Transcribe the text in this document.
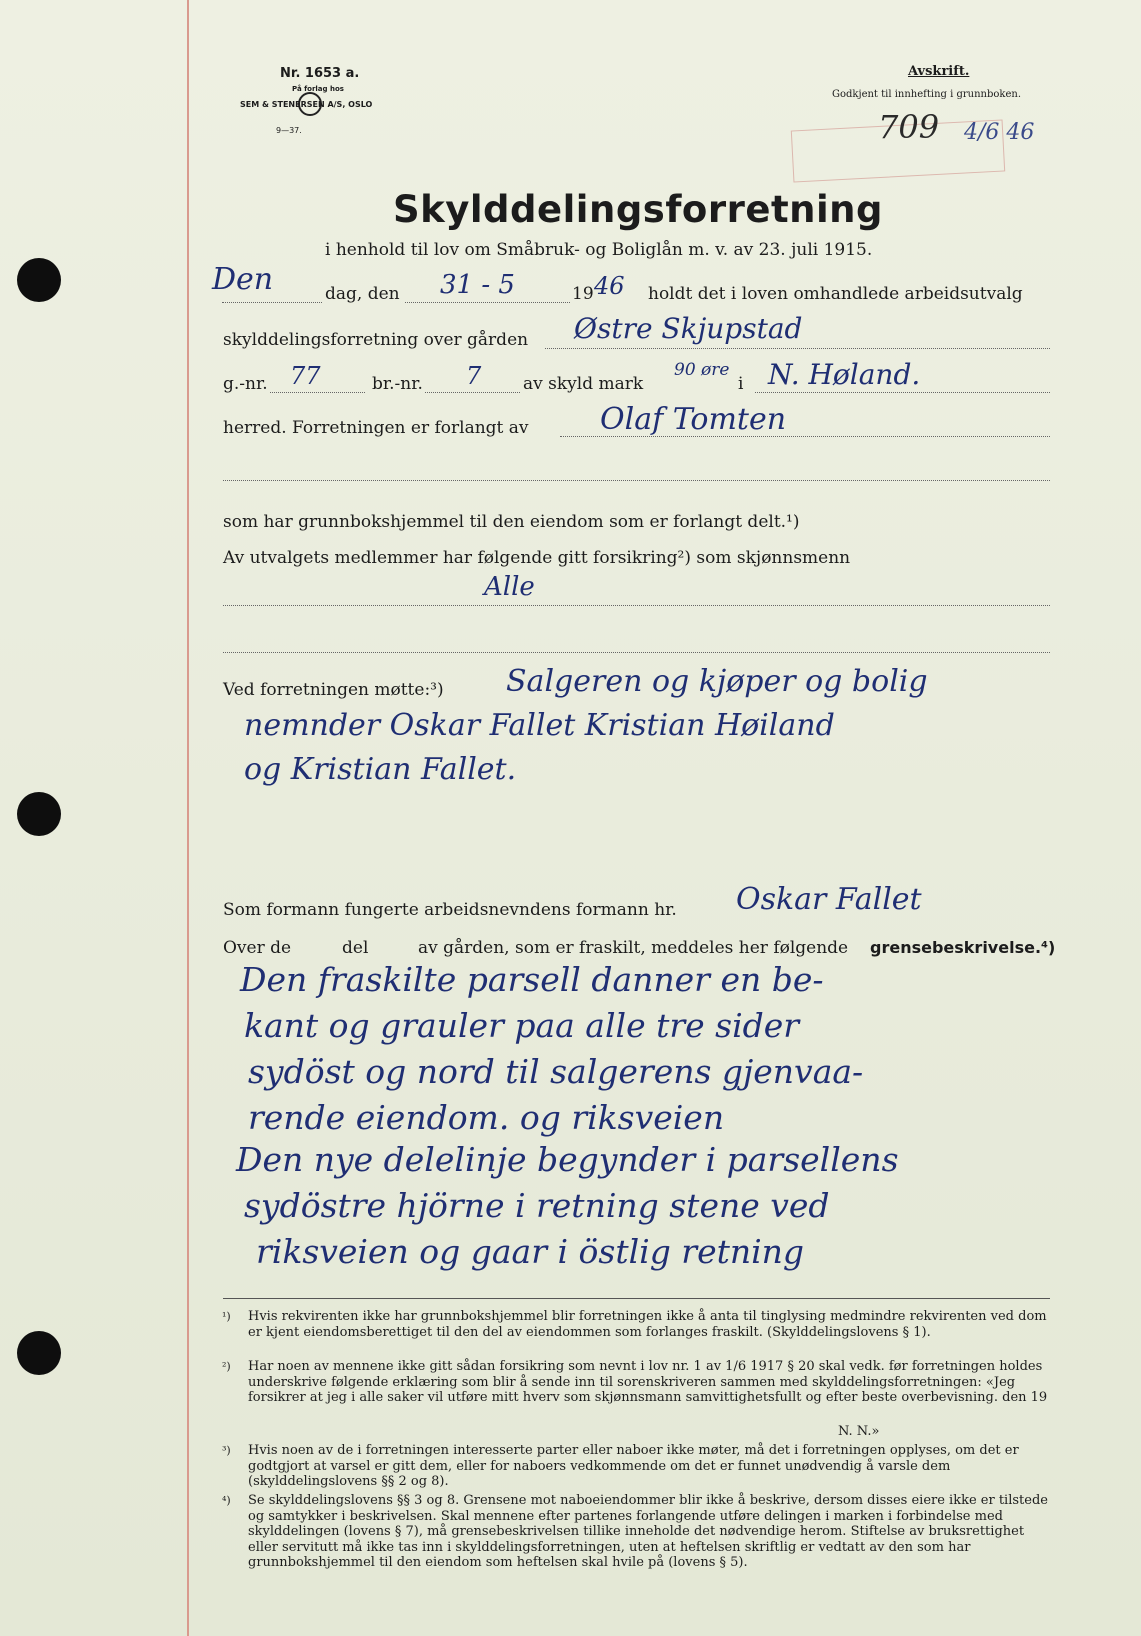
Nr. 1653 a.
På forlag hos
SEM & STENERSEN A/S, OSLO
9—37.
Avskrift.
Godkjent til innhefting i grunnboken.
709 4/6 46
Skylddelingsforretning
i henhold til lov om Småbruk- og Boliglån m. v. av 23. juli 1915.
Den	dag, den 31 - 5	19 46 holdt det i loven omhandlede arbeidsutvalg
skylddelingsforretning over gården Østre Skjupstad
g.-nr. 77	br.-nr. 7 av skyld mark
90 øre
i N. Høland.
herred. Forretningen er forlangt av Olaf Tomten
som har grunnbokshjemmel til den eiendom som er forlangt delt.¹)
Av utvalgets medlemmer har følgende gitt forsikring²) som skjønnsmenn
Alle
Ved forretningen møtte:³) Salgeren og kjøper og bolig
nemnder Oskar Fallet Kristian Høiland
og Kristian Fallet.
Som formann fungerte arbeidsnevndens formann hr. Oskar Fallet
Over de	del	av gården, som er fraskilt, meddeles her følgende grensebeskrivelse.⁴)
Den fraskilte parsell danner en be-
kant og grauler paa alle tre sider
sydöst og nord til salgerens gjenvaa-
rende eiendom. og riksveien
Den nye delelinje begynder i parsellens
sydöstre hjörne i retning stene ved
riksveien og gaar i östlig retning
¹) Hvis rekvirenten ikke har grunnbokshjemmel blir forretningen ikke å anta til tinglysing medmindre rekvirenten ved dom er kjent eiendomsberettiget til den del av eiendommen som forlanges fraskilt. (Skylddelingslovens § 1).
²) Har noen av mennene ikke gitt sådan forsikring som nevnt i lov nr. 1 av 1/6 1917 § 20 skal vedk. før forretningen holdes underskrive følgende erklæring som blir å sende inn til sorenskriveren sammen med skylddelingsforretningen: «Jeg forsikrer at jeg i alle saker vil utføre mitt hverv som skjønnsmann samvittighetsfullt og efter beste overbevisning. den 19
N. N.»
³) Hvis noen av de i forretningen interesserte parter eller naboer ikke møter, må det i forretningen opplyses, om det er godtgjort at varsel er gitt dem, eller for naboers vedkommende om det er funnet unødvendig å varsle dem (skylddelingslovens §§ 2 og 8).
⁴) Se skylddelingslovens §§ 3 og 8. Grensene mot naboeiendommer blir ikke å beskrive, dersom disses eiere ikke er tilstede og samtykker i beskrivelsen. Skal mennene efter partenes forlangende utføre delingen i marken i forbindelse med skylddelingen (lovens § 7), må grensebeskrivelsen tillike inneholde det nødvendige herom. Stiftelse av bruksrettighet eller servitutt må ikke tas inn i skylddelingsforretningen, uten at heftelsen skriftlig er vedtatt av den som har grunnbokshjemmel til den eiendom som heftelsen skal hvile på (lovens § 5).
